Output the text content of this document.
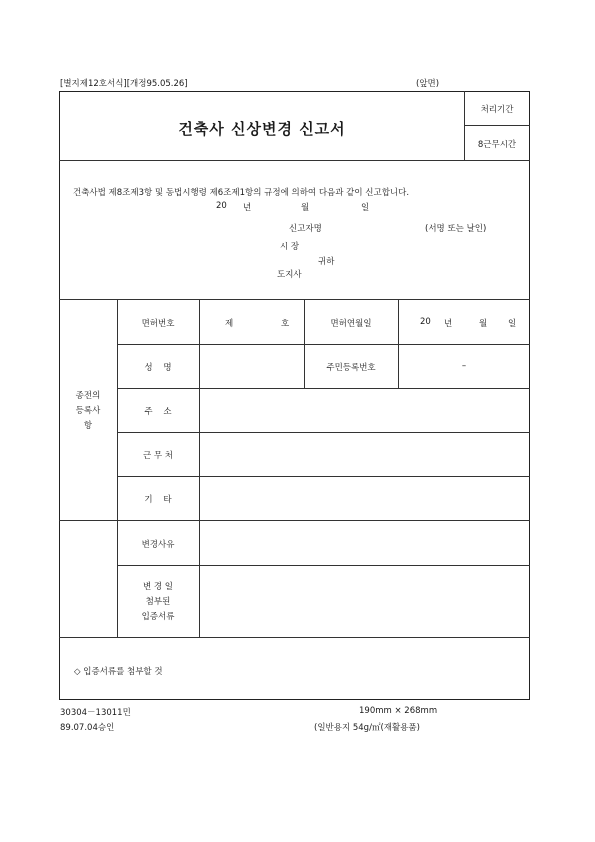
[별지제12호서식][개정95.05.26]	(앞면)
건축사 신상변경 신고서
처리기간
8근무시간
건축사법 제8조제3항 및 동법시행령 제6조제1항의 규정에 의하여 다음과 같이 신고합니다.
20 년	월	일
신고자명	(서명 또는 날인)
시 장
귀하
도지사
종전의
등록사
항
면허번호	제	호	면허연월일	20 년	월 일
성    명	주민등록번호	–
주    소
근 무 처
기    타
변경사유
변 경 일
첨부된
입증서류
◇ 입증서류를 첨부할 것
30304－13011민
89.07.04승인
190mm × 268mm
(일반용지 54g/㎡(재활용품)
